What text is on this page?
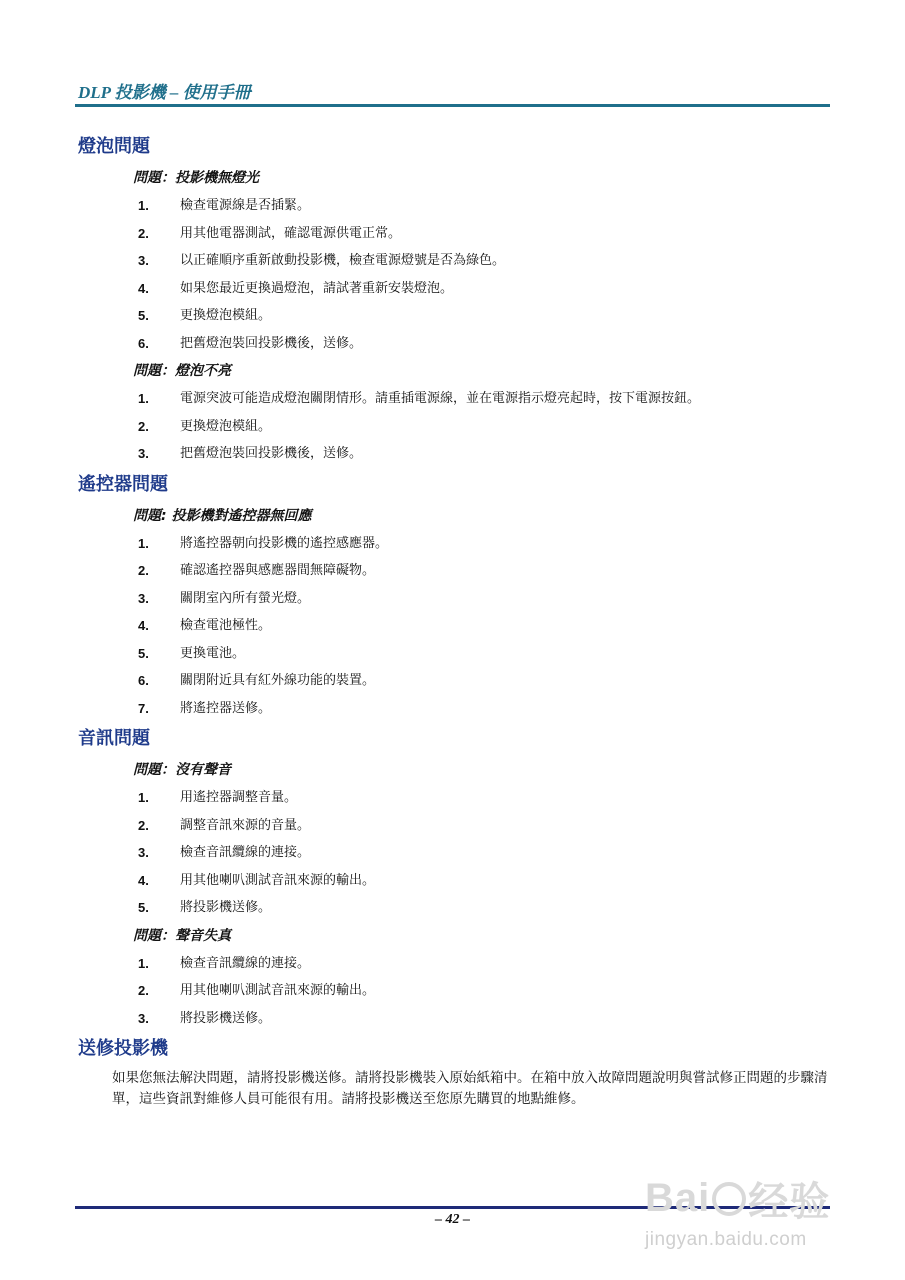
DLP 投影機 – 使用手冊
燈泡問題
問題：投影機無燈光
1.	檢查電源線是否插緊。
2.	用其他電器測試，確認電源供電正常。
3.	以正確順序重新啟動投影機，檢查電源燈號是否為綠色。
4.	如果您最近更換過燈泡，請試著重新安裝燈泡。
5.	更換燈泡模組。
6.	把舊燈泡裝回投影機後，送修。
問題：燈泡不亮
1.	電源突波可能造成燈泡關閉情形。請重插電源線，並在電源指示燈亮起時，按下電源按鈕。
2.	更換燈泡模組。
3.	把舊燈泡裝回投影機後，送修。
遙控器問題
問題: 投影機對遙控器無回應
1.	將遙控器朝向投影機的遙控感應器。
2.	確認遙控器與感應器間無障礙物。
3.	關閉室內所有螢光燈。
4.	檢查電池極性。
5.	更換電池。
6.	關閉附近具有紅外線功能的裝置。
7.	將遙控器送修。
音訊問題
問題：沒有聲音
1.	用遙控器調整音量。
2.	調整音訊來源的音量。
3.	檢查音訊纜線的連接。
4.	用其他喇叭測試音訊來源的輸出。
5.	將投影機送修。
問題：聲音失真
1.	檢查音訊纜線的連接。
2.	用其他喇叭測試音訊來源的輸出。
3.	將投影機送修。
送修投影機

如果您無法解決問題，請將投影機送修。請將投影機裝入原始紙箱中。在箱中放入故障問題說明與嘗試修正問題的步驟清單，這些資訊對維修人員可能很有用。請將投影機送至您原先購買的地點維修。

– 42 –	Bai 经验
jingyan.baidu.com
